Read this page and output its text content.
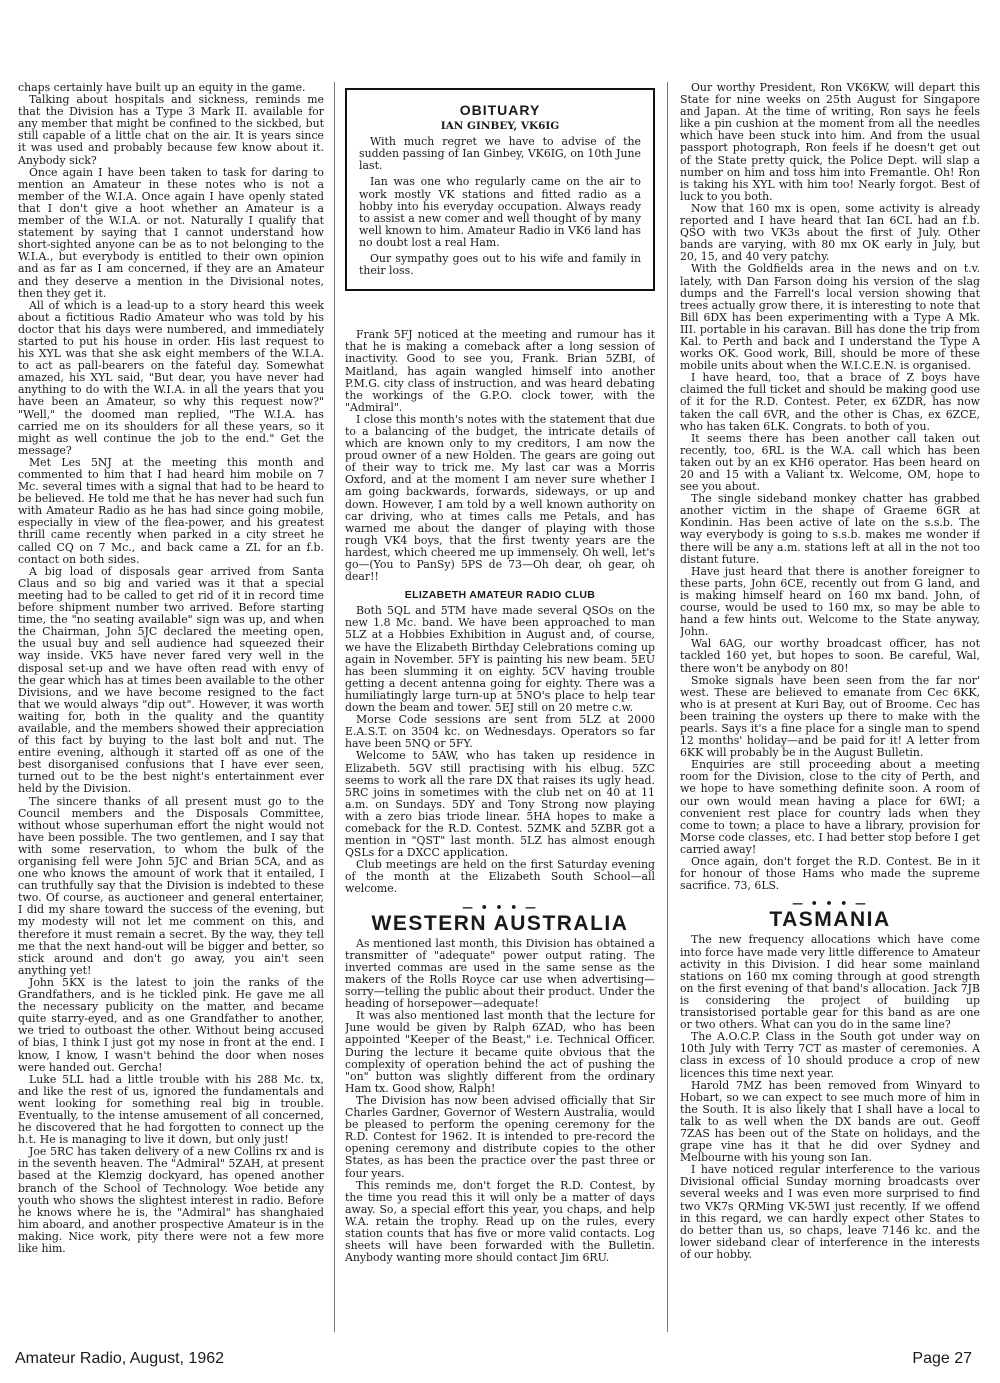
chaps certainly have built up an equity in the game.

Talking about hospitals and sickness, reminds me that the Division has a Type 3 Mark II. available for any member that might be confined to the sickbed, but still capable of a little chat on the air. It is years since it was used and probably because few know about it. Anybody sick?

Once again I have been taken to task for daring to mention an Amateur in these notes who is not a member of the W.I.A. Once again I have openly stated that I don't give a hoot whether an Amateur is a member of the W.I.A. or not. Naturally I qualify that statement by saying that I cannot understand how short-sighted anyone can be as to not belonging to the W.I.A., but everybody is entitled to their own opinion and as far as I am concerned, if they are an Amateur and they deserve a mention in the Divisional notes, then they get it.

All of which is a lead-up to a story heard this week about a fictitious Radio Amateur who was told by his doctor that his days were numbered, and immediately started to put his house in order. His last request to his XYL was that she ask eight members of the W.I.A. to act as pall-bearers on the fateful day. Somewhat amazed, his XYL said, "But dear, you have never had anything to do with the W.I.A. in all the years that you have been an Amateur, so why this request now?" "Well," the doomed man replied, "The W.I.A. has carried me on its shoulders for all these years, so it might as well continue the job to the end." Get the message?

Met Les 5NJ at the meeting this month and commented to him that I had heard him mobile on 7 Mc. several times with a signal that had to be heard to be believed. He told me that he has never had such fun with Amateur Radio as he has had since going mobile, especially in view of the flea-power, and his greatest thrill came recently when parked in a city street he called CQ on 7 Mc., and back came a ZL for an f.b. contact on both sides.

A big load of disposals gear arrived from Santa Claus and so big and varied was it that a special meeting had to be called to get rid of it in record time before shipment number two arrived. Before starting time, the "no seating available" sign was up, and when the Chairman, John 5JC declared the meeting open, the usual buy and sell audience had squeezed their way inside. VK5 have never fared very well in the disposal set-up and we have often read with envy of the gear which has at times been available to the other Divisions, and we have become resigned to the fact that we would always "dip out". However, it was worth waiting for, both in the quality and the quantity available, and the members showed their appreciation of this fact by buying to the last bolt and nut. The entire evening, although it started off as one of the best disorganised confusions that I have ever seen, turned out to be the best night's entertainment ever held by the Division.

The sincere thanks of all present must go to the Council members and the Disposals Committee, without whose superhuman effort the night would not have been possible. The two gentlemen, and I say that with some reservation, to whom the bulk of the organising fell were John 5JC and Brian 5CA, and as one who knows the amount of work that it entailed, I can truthfully say that the Division is indebted to these two. Of course, as auctioneer and general entertainer, I did my share toward the success of the evening, but my modesty will not let me comment on this, and therefore it must remain a secret. By the way, they tell me that the next hand-out will be bigger and better, so stick around and don't go away, you ain't seen anything yet!

John 5KX is the latest to join the ranks of the Grandfathers, and is he tickled pink. He gave me all the necessary publicity on the matter, and became quite starry-eyed, and as one Grandfather to another, we tried to outboast the other. Without being accused of bias, I think I just got my nose in front at the end. I know, I know, I wasn't behind the door when noses were handed out. Gercha!

Luke 5LL had a little trouble with his 288 Mc. tx, and like the rest of us, ignored the fundamentals and went looking for something real big in trouble. Eventually, to the intense amusement of all concerned, he discovered that he had forgotten to connect up the h.t. He is managing to live it down, but only just!

Joe 5RC has taken delivery of a new Collins rx and is in the seventh heaven. The "Admiral" 5ZAH, at present based at the Klemzig dockyard, has opened another branch of the School of Technology. Woe betide any youth who shows the slightest interest in radio. Before he knows where he is, the "Admiral" has shanghaied him aboard, and another prospective Amateur is in the making. Nice work, pity there were not a few more like him.

OBITUARY
IAN GINBEY, VK6IG

With much regret we have to advise of the sudden passing of Ian Ginbey, VK6IG, on 10th June last.

Ian was one who regularly came on the air to work mostly VK stations and fitted radio as a hobby into his everyday occupation. Always ready to assist a new comer and well thought of by many well known to him. Amateur Radio in VK6 land has no doubt lost a real Ham.

Our sympathy goes out to his wife and family in their loss.

Frank 5FJ noticed at the meeting and rumour has it that he is making a comeback after a long session of inactivity. Good to see you, Frank. Brian 5ZBI, of Maitland, has again wangled himself into another P.M.G. city class of instruction, and was heard debating the workings of the G.P.O. clock tower, with the "Admiral".

I close this month's notes with the statement that due to a balancing of the budget, the intricate details of which are known only to my creditors, I am now the proud owner of a new Holden. The gears are going out of their way to trick me. My last car was a Morris Oxford, and at the moment I am never sure whether I am going backwards, forwards, sideways, or up and down. However, I am told by a well known authority on car driving, who at times calls me Petals, and has warned me about the danger of playing with those rough VK4 boys, that the first twenty years are the hardest, which cheered me up immensely. Oh well, let's go—(You to PanSy) 5PS de 73—Oh dear, oh gear, oh dear!!

ELIZABETH AMATEUR RADIO CLUB

Both 5QL and 5TM have made several QSOs on the new 1.8 Mc. band. We have been approached to man 5LZ at a Hobbies Exhibition in August and, of course, we have the Elizabeth Birthday Celebrations coming up again in November. 5FY is painting his new beam. 5EU has been slumming it on eighty. 5CV having trouble getting a decent antenna going for eighty. There was a humiliatingly large turn-up at 5NO's place to help tear down the beam and tower. 5EJ still on 20 metre c.w.

Morse Code sessions are sent from 5LZ at 2000 E.A.S.T. on 3504 kc. on Wednesdays. Operators so far have been 5NQ or 5FY.

Welcome to 5AW, who has taken up residence in Elizabeth. 5GV still practising with his elbug. 5ZC seems to work all the rare DX that raises its ugly head. 5RC joins in sometimes with the club net on 40 at 11 a.m. on Sundays. 5DY and Tony Strong now playing with a zero bias triode linear. 5HA hopes to make a comeback for the R.D. Contest. 5ZMK and 5ZBR got a mention in "QST" last month. 5LZ has almost enough QSLs for a DXCC application.

Club meetings are held on the first Saturday evening of the month at the Elizabeth South School—all welcome.

— • • • —
WESTERN AUSTRALIA

As mentioned last month, this Division has obtained a transmitter of "adequate" power output rating. The inverted commas are used in the same sense as the makers of the Rolls Royce car use when advertising—sorry—telling the public about their product. Under the heading of horsepower—adequate!

It was also mentioned last month that the lecture for June would be given by Ralph 6ZAD, who has been appointed "Keeper of the Beast," i.e. Technical Officer. During the lecture it became quite obvious that the complexity of operation behind the act of pushing the "on" button was slightly different from the ordinary Ham tx. Good show, Ralph!

The Division has now been advised officially that Sir Charles Gardner, Governor of Western Australia, would be pleased to perform the opening ceremony for the R.D. Contest for 1962. It is intended to pre-record the opening ceremony and distribute copies to the other States, as has been the practice over the past three or four years.

This reminds me, don't forget the R.D. Contest, by the time you read this it will only be a matter of days away. So, a special effort this year, you chaps, and help W.A. retain the trophy. Read up on the rules, every station counts that has five or more valid contacts. Log sheets will have been forwarded with the Bulletin. Anybody wanting more should contact Jim 6RU.

Our worthy President, Ron VK6KW, will depart this State for nine weeks on 25th August for Singapore and Japan. At the time of writing, Ron says he feels like a pin cushion at the moment from all the needles which have been stuck into him. And from the usual passport photograph, Ron feels if he doesn't get out of the State pretty quick, the Police Dept. will slap a number on him and toss him into Fremantle. Oh! Ron is taking his XYL with him too! Nearly forgot. Best of luck to you both.

Now that 160 mx is open, some activity is already reported and I have heard that Ian 6CL had an f.b. QSO with two VK3s about the first of July. Other bands are varying, with 80 mx OK early in July, but 20, 15, and 40 very patchy.

With the Goldfields area in the news and on t.v. lately, with Dan Farson doing his version of the slag dumps and the Farrell's local version showing that trees actually grow there, it is interesting to note that Bill 6DX has been experimenting with a Type A Mk. III. portable in his caravan. Bill has done the trip from Kal. to Perth and back and I understand the Type A works OK. Good work, Bill, should be more of these mobile units about when the W.I.C.E.N. is organised.

I have heard, too, that a brace of Z boys have claimed the full ticket and should be making good use of it for the R.D. Contest. Peter, ex 6ZDR, has now taken the call 6VR, and the other is Chas, ex 6ZCE, who has taken 6LK. Congrats. to both of you.

It seems there has been another call taken out recently, too, 6RL is the W.A. call which has been taken out by an ex KH6 operator. Has been heard on 20 and 15 with a Valiant tx. Welcome, OM, hope to see you about.

The single sideband monkey chatter has grabbed another victim in the shape of Graeme 6GR at Kondinin. Has been active of late on the s.s.b. The way everybody is going to s.s.b. makes me wonder if there will be any a.m. stations left at all in the not too distant future.

Have just heard that there is another foreigner to these parts, John 6CE, recently out from G land, and is making himself heard on 160 mx band. John, of course, would be used to 160 mx, so may be able to hand a few hints out. Welcome to the State anyway, John.

Wal 6AG, our worthy broadcast officer, has not tackled 160 yet, but hopes to soon. Be careful, Wal, there won't be anybody on 80!

Smoke signals have been seen from the far nor' west. These are believed to emanate from Cec 6KK, who is at present at Kuri Bay, out of Broome. Cec has been training the oysters up there to make with the pearls. Says it's a fine place for a single man to spend 12 months' holiday—and be paid for it! A letter from 6KK will probably be in the August Bulletin.

Enquiries are still proceeding about a meeting room for the Division, close to the city of Perth, and we hope to have something definite soon. A room of our own would mean having a place for 6WI; a convenient rest place for country lads when they come to town; a place to have a library, provision for Morse code classes, etc. I had better stop before I get carried away!

Once again, don't forget the R.D. Contest. Be in it for honour of those Hams who made the supreme sacrifice. 73, 6LS.

— • • • —
TASMANIA

The new frequency allocations which have come into force have made very little difference to Amateur activity in this Division. I did hear some mainland stations on 160 mx coming through at good strength on the first evening of that band's allocation. Jack 7JB is considering the project of building up transistorised portable gear for this band as are one or two others. What can you do in the same line?

The A.O.C.P. Class in the South got under way on 10th July with Terry 7CT as master of ceremonies. A class in excess of 10 should produce a crop of new licences this time next year.

Harold 7MZ has been removed from Winyard to Hobart, so we can expect to see much more of him in the South. It is also likely that I shall have a local to talk to as well when the DX bands are out. Geoff 7ZAS has been out of the State on holidays, and the grape vine has it that he did over Sydney and Melbourne with his young son Ian.

I have noticed regular interference to the various Divisional official Sunday morning broadcasts over several weeks and I was even more surprised to find two VK7s QRMing VK-5WI just recently. If we offend in this regard, we can hardly expect other States to do better than us, so chaps, leave 7146 kc. and the lower sideband clear of interference in the interests of our hobby.

Amateur Radio, August, 1962	Page 27
